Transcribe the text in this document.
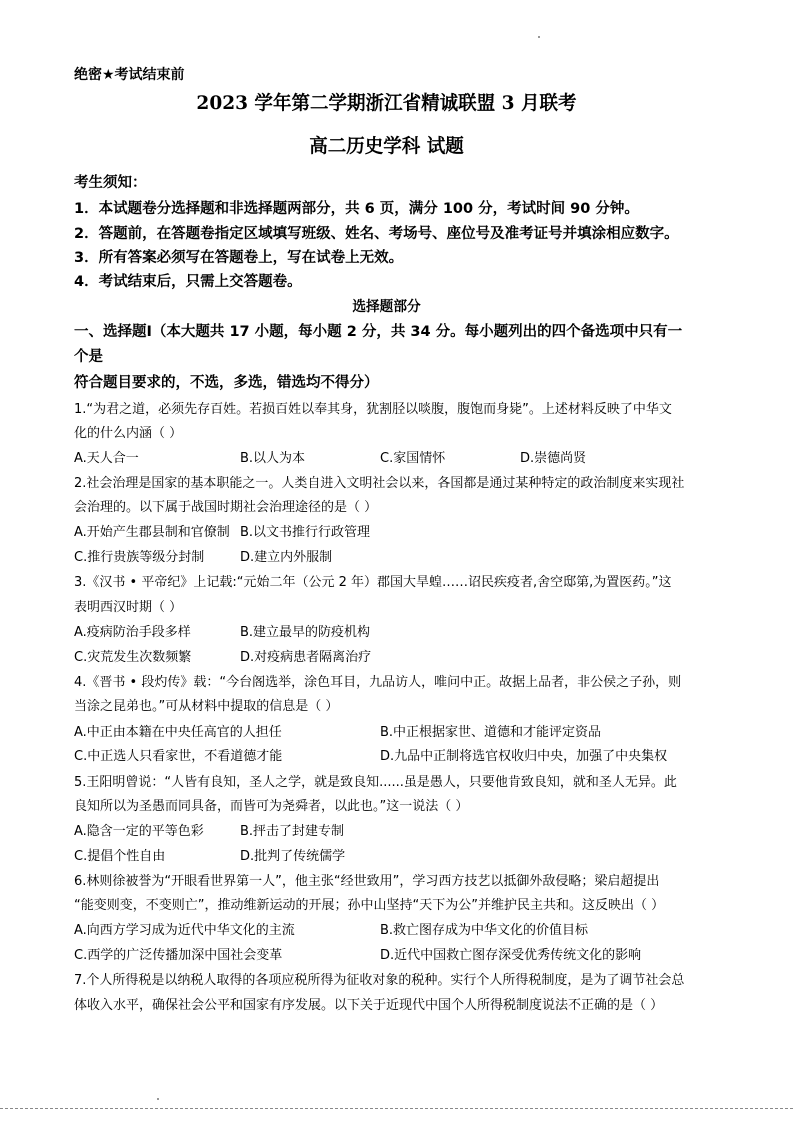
绝密★考试结束前
2023 学年第二学期浙江省精诚联盟 3 月联考
高二历史学科 试题
考生须知：
1．本试题卷分选择题和非选择题两部分，共 6 页，满分 100 分，考试时间 90 分钟。
2．答题前，在答题卷指定区域填写班级、姓名、考场号、座位号及准考证号并填涂相应数字。
3．所有答案必须写在答题卷上，写在试卷上无效。
4．考试结束后，只需上交答题卷。
选择题部分
一、选择题Ⅰ（本大题共 17 小题，每小题 2 分，共 34 分。每小题列出的四个备选项中只有一
个是
符合题目要求的，不选，多选，错选均不得分）
1.“为君之道，必须先存百姓。若损百姓以奉其身，犹割胫以啖腹，腹饱而身毙”。上述材料反映了中华文
化的什么内涵（ ）
A.天人合一	B.以人为本	C.家国情怀	D.崇德尚贤
2.社会治理是国家的基本职能之一。人类自进入文明社会以来，各国都是通过某种特定的政治制度来实现社
会治理的。以下属于战国时期社会治理途径的是（ ）
A.开始产生郡县制和官僚制 B.以文书推行行政管理
C.推行贵族等级分封制	D.建立内外服制
3.《汉书 • 平帝纪》上记载:“元始二年（公元 2 年）郡国大旱蝗……诏民疾疫者,舍空邸第,为置医药。”这
表明西汉时期（ ）
A.疫病防治手段多样	B.建立最早的防疫机构
C.灾荒发生次数频繁	D.对疫病患者隔离治疗
4.《晋书 • 段灼传》载：“今台阁选举，涂色耳目，九品访人，唯问中正。故据上品者，非公侯之子孙，则
当涂之昆弟也。”可从材料中提取的信息是（ ）
A.中正由本籍在中央任高官的人担任	B.中正根据家世、道德和才能评定资品
C.中正选人只看家世，不看道德才能	D.九品中正制将选官权收归中央，加强了中央集权
5.王阳明曾说：“人皆有良知，圣人之学，就是致良知......虽是愚人，只要他肯致良知，就和圣人无异。此
良知所以为圣愚而同具备，而皆可为尧舜者，以此也。”这一说法（ ）
A.隐含一定的平等色彩	B.抨击了封建专制
C.提倡个性自由	D.批判了传统儒学
6.林则徐被誉为“开眼看世界第一人”，他主张“经世致用”，学习西方技艺以抵御外敌侵略；梁启超提出
“能变则变，不变则亡”，推动维新运动的开展；孙中山坚持“天下为公”并维护民主共和。这反映出（ ）
A.向西方学习成为近代中华文化的主流	B.救亡图存成为中华文化的价值目标
C.西学的广泛传播加深中国社会变革	D.近代中国救亡图存深受优秀传统文化的影响
7.个人所得税是以纳税人取得的各项应税所得为征收对象的税种。实行个人所得税制度，是为了调节社会总
体收入水平，确保社会公平和国家有序发展。以下关于近现代中国个人所得税制度说法不正确的是（ ）
